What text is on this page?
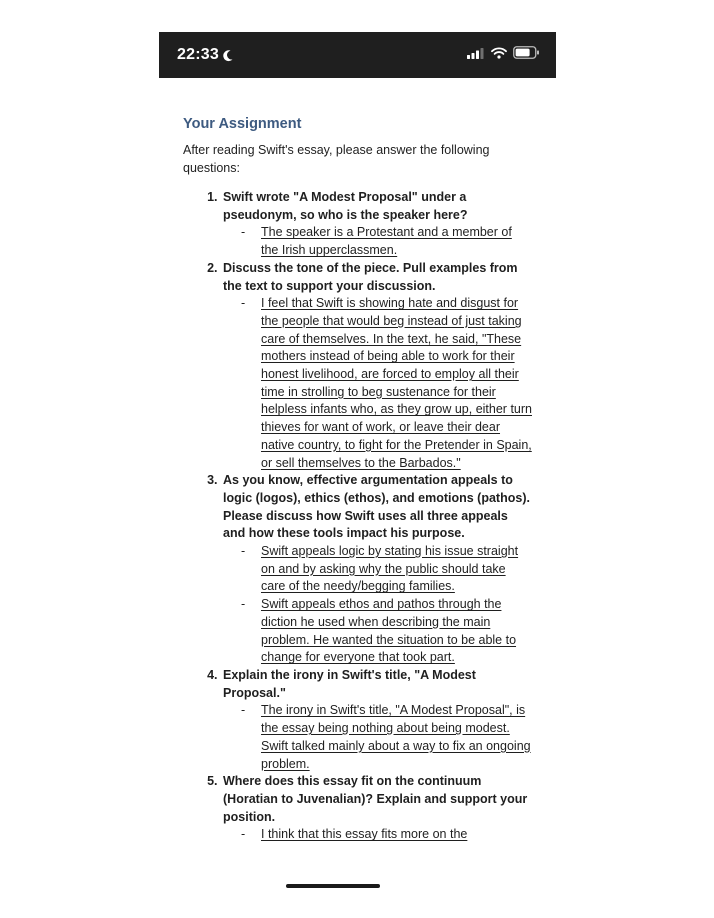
22:33
Your Assignment
After reading Swift's essay, please answer the following questions:
1. Swift wrote "A Modest Proposal" under a pseudonym, so who is the speaker here?
- The speaker is a Protestant and a member of the Irish upperclassmen.
2. Discuss the tone of the piece. Pull examples from the text to support your discussion.
- I feel that Swift is showing hate and disgust for the people that would beg instead of just taking care of themselves. In the text, he said, "These mothers instead of being able to work for their honest livelihood, are forced to employ all their time in strolling to beg sustenance for their helpless infants who, as they grow up, either turn thieves for want of work, or leave their dear native country, to fight for the Pretender in Spain, or sell themselves to the Barbados."
3. As you know, effective argumentation appeals to logic (logos), ethics (ethos), and emotions (pathos). Please discuss how Swift uses all three appeals and how these tools impact his purpose.
- Swift appeals logic by stating his issue straight on and by asking why the public should take care of the needy/begging families.
- Swift appeals ethos and pathos through the diction he used when describing the main problem. He wanted the situation to be able to change for everyone that took part.
4. Explain the irony in Swift's title, "A Modest Proposal."
- The irony in Swift's title, "A Modest Proposal", is the essay being nothing about being modest. Swift talked mainly about a way to fix an ongoing problem.
5. Where does this essay fit on the continuum (Horatian to Juvenalian)? Explain and support your position.
- I think that this essay fits more on the
